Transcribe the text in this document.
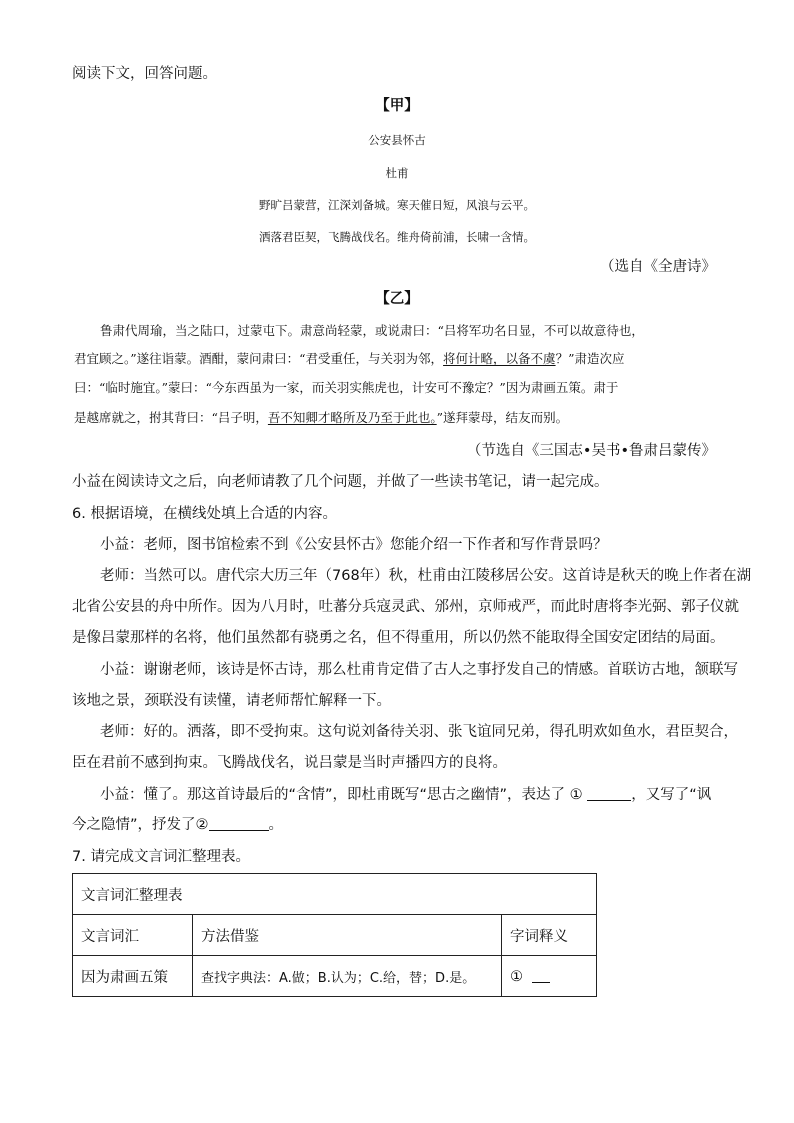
阅读下文，回答问题。
【甲】
公安县怀古
杜甫
野旷吕蒙营，江深刘备城。寒天催日短，风浪与云平。
洒落君臣契，飞腾战伐名。维舟倚前浦，长啸一含情。
（选自《全唐诗》
【乙】
鲁肃代周瑜，当之陆口，过蒙屯下。肃意尚轻蒙，或说肃曰：“吕将军功名日显，不可以故意待也，
君宜顾之。”遂往诣蒙。酒酣，蒙问肃曰：“君受重任，与关羽为邻，将何计略，以备不虞？”肃造次应
曰：“临时施宜。”蒙曰：“今东西虽为一家，而关羽实熊虎也，计安可不豫定？”因为肃画五策。肃于
是越席就之，拊其背曰：“吕子明，吾不知卿才略所及乃至于此也。”遂拜蒙母，结友而别。
（节选自《三国志•吴书•鲁肃吕蒙传》
小益在阅读诗文之后，向老师请教了几个问题，并做了一些读书笔记，请一起完成。
6. 根据语境，在横线处填上合适的内容。
小益：老师，图书馆检索不到《公安县怀古》您能介绍一下作者和写作背景吗？
老师：当然可以。唐代宗大历三年（768年）秋，杜甫由江陵移居公安。这首诗是秋天的晚上作者在湖
北省公安县的舟中所作。因为八月时，吐蕃分兵寇灵武、邠州，京师戒严，而此时唐将李光弼、郭子仪就
是像吕蒙那样的名将，他们虽然都有骁勇之名，但不得重用，所以仍然不能取得全国安定团结的局面。
小益：谢谢老师，该诗是怀古诗，那么杜甫肯定借了古人之事抒发自己的情感。首联访古地，颔联写
该地之景，颈联没有读懂，请老师帮忙解释一下。
老师：好的。洒落，即不受拘束。这句说刘备待关羽、张飞谊同兄弟，得孔明欢如鱼水，君臣契合，
臣在君前不感到拘束。飞腾战伐名，说吕蒙是当时声播四方的良将。
小益：懂了。那这首诗最后的“含情”，即杜甫既写“思古之幽情”，表达了 ①	，又写了“讽
今之隐情”，抒发了②	。
7. 请完成文言词汇整理表。
文言词汇整理表		
文言词汇	方法借鉴	字词释义
因为肃画五策	查找字典法：A.做；B.认为；C.给，替；D.是。	①
